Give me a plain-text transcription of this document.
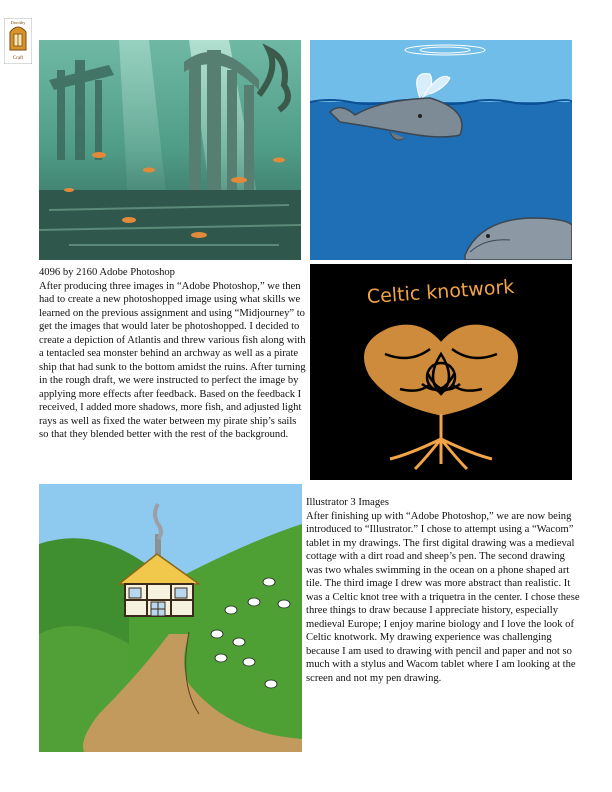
Dorothy
Craft
Celtic knotwork
4096 by 2160 Adobe Photoshop

After producing three images in “Adobe Photoshop,” we then had to create a new photoshopped image using what skills we learned on the previous assignment and using “Midjourney” to get the images that would later be photoshopped. I decided to create a depiction of Atlantis and threw various fish along with a tentacled sea monster behind an archway as well as a pirate ship that had sunk to the bottom amidst the ruins. After turning in the rough draft, we were instructed to perfect the image by applying more effects after feedback. Based on the feedback I received, I added more shadows, more fish, and adjusted light rays as well as fixed the water between my pirate ship’s sails so that they blended better with the rest of the background.

Illustrator 3 Images

After finishing up with “Adobe Photoshop,” we are now being introduced to “Illustrator.” I chose to attempt using a “Wacom” tablet in my drawings. The first digital drawing was a medieval cottage with a dirt road and sheep’s pen. The second drawing was two whales swimming in the ocean on a phone shaped art tile. The third image I drew was more abstract than realistic. It was a Celtic knot tree with a triquetra in the center. I chose these three things to draw because I appreciate history, especially medieval Europe; I enjoy marine biology and I love the look of Celtic knotwork. My drawing experience was challenging because I am used to drawing with pencil and paper and not so much with a stylus and Wacom tablet where I am looking at the screen and not my pen drawing.
